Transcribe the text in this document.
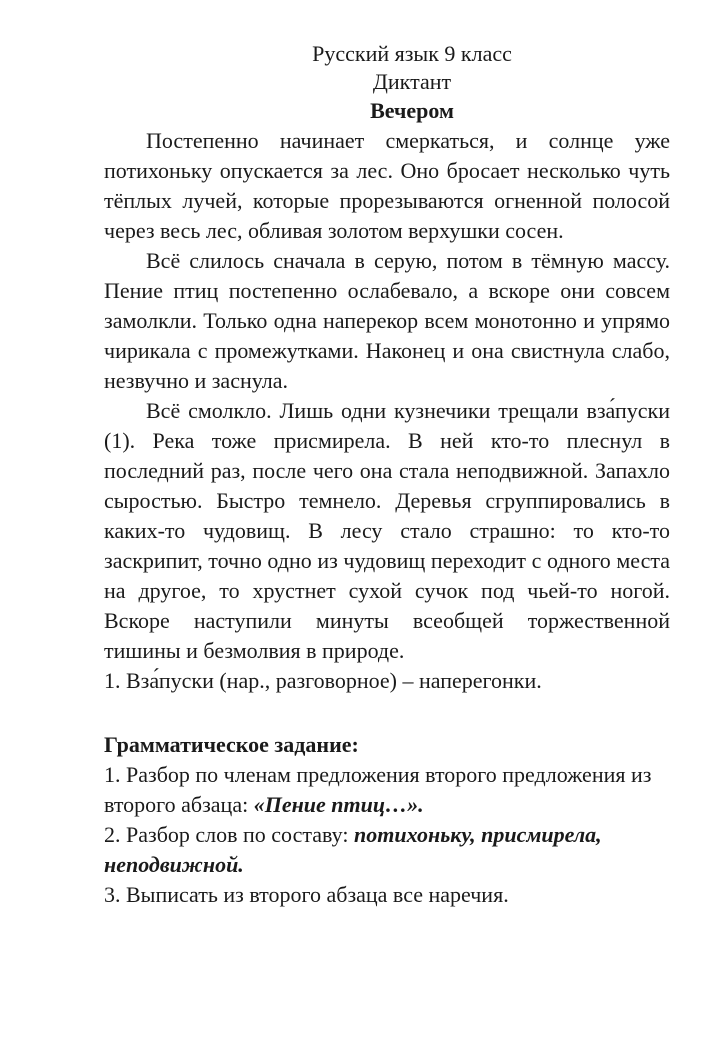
Русский язык 9 класс
Диктант
Вечером

Постепенно начинает смеркаться, и солнце уже потихоньку опускается за лес. Оно бросает несколько чуть тёплых лучей, которые прорезываются огненной полосой через весь лес, обливая золотом верхушки сосен.

Всё слилось сначала в серую, потом в тёмную массу. Пение птиц постепенно ослабевало, а вскоре они совсем замолкли. Только одна наперекор всем монотонно и упрямо чирикала с промежутками. Наконец и она свистнула слабо, незвучно и заснула.

Всё смолкло. Лишь одни кузнечики трещали вза́пуски (1). Река тоже присмирела. В ней кто-то плеснул в последний раз, после чего она стала неподвижной. Запахло сыростью. Быстро темнело. Деревья сгруппировались в каких-то чудовищ. В лесу стало страшно: то кто-то заскрипит, точно одно из чудовищ переходит с одного места на другое, то хрустнет сухой сучок под чьей-то ногой. Вскоре наступили минуты всеобщей торжественной тишины и безмолвия в природе.

1. Вза́пуски (нар., разговорное) – наперегонки.

Грамматическое задание:

1. Разбор по членам предложения второго предложения из второго абзаца: «Пение птиц…».

2. Разбор слов по составу: потихоньку, присмирела, неподвижной.

3. Выписать из второго абзаца все наречия.
